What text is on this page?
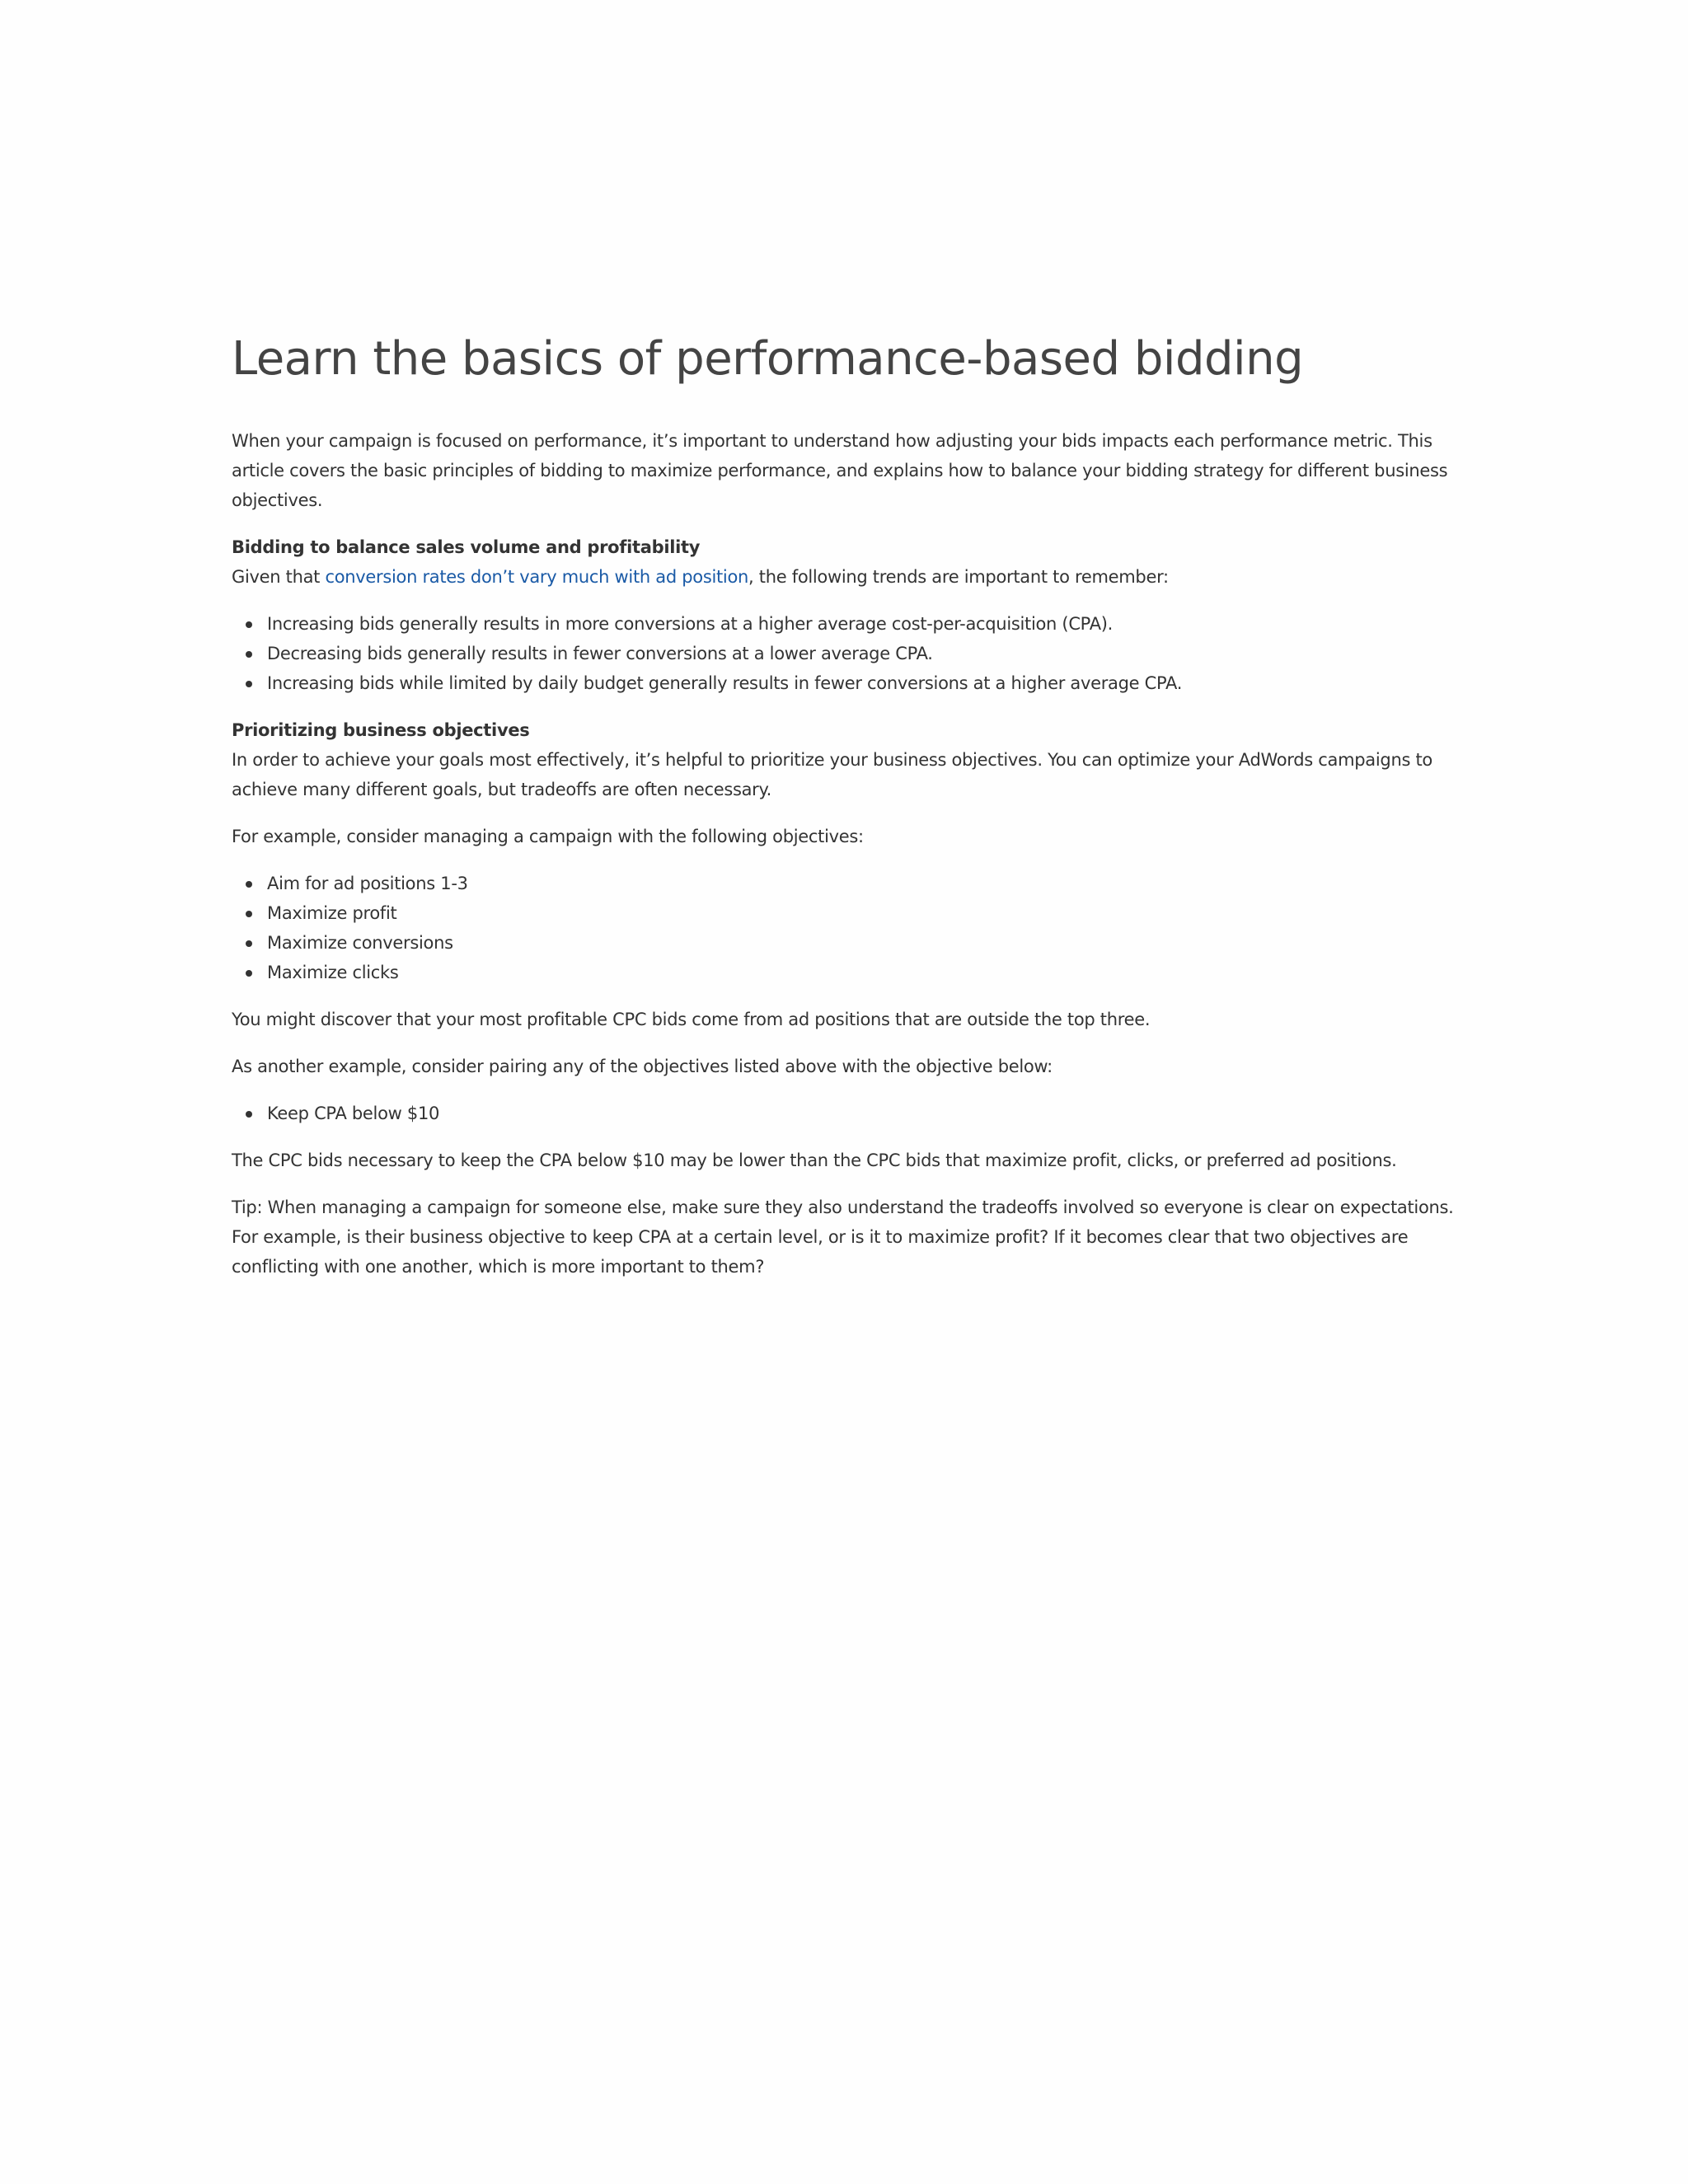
Learn the basics of performance-based bidding

When your campaign is focused on performance, it’s important to understand how adjusting your bids impacts each performance metric. This article covers the basic principles of bidding to maximize performance, and explains how to balance your bidding strategy for different business objectives.

Bidding to balance sales volume and profitability

Given that conversion rates don’t vary much with ad position, the following trends are important to remember:

Increasing bids generally results in more conversions at a higher average cost-per-acquisition (CPA).
Decreasing bids generally results in fewer conversions at a lower average CPA.
Increasing bids while limited by daily budget generally results in fewer conversions at a higher average CPA.

Prioritizing business objectives

In order to achieve your goals most effectively, it’s helpful to prioritize your business objectives. You can optimize your AdWords campaigns to achieve many different goals, but tradeoffs are often necessary.

For example, consider managing a campaign with the following objectives:

Aim for ad positions 1-3
Maximize profit
Maximize conversions
Maximize clicks

You might discover that your most profitable CPC bids come from ad positions that are outside the top three.

As another example, consider pairing any of the objectives listed above with the objective below:

Keep CPA below $10

The CPC bids necessary to keep the CPA below $10 may be lower than the CPC bids that maximize profit, clicks, or preferred ad positions.

Tip: When managing a campaign for someone else, make sure they also understand the tradeoffs involved so everyone is clear on expectations. For example, is their business objective to keep CPA at a certain level, or is it to maximize profit? If it becomes clear that two objectives are conflicting with one another, which is more important to them?
